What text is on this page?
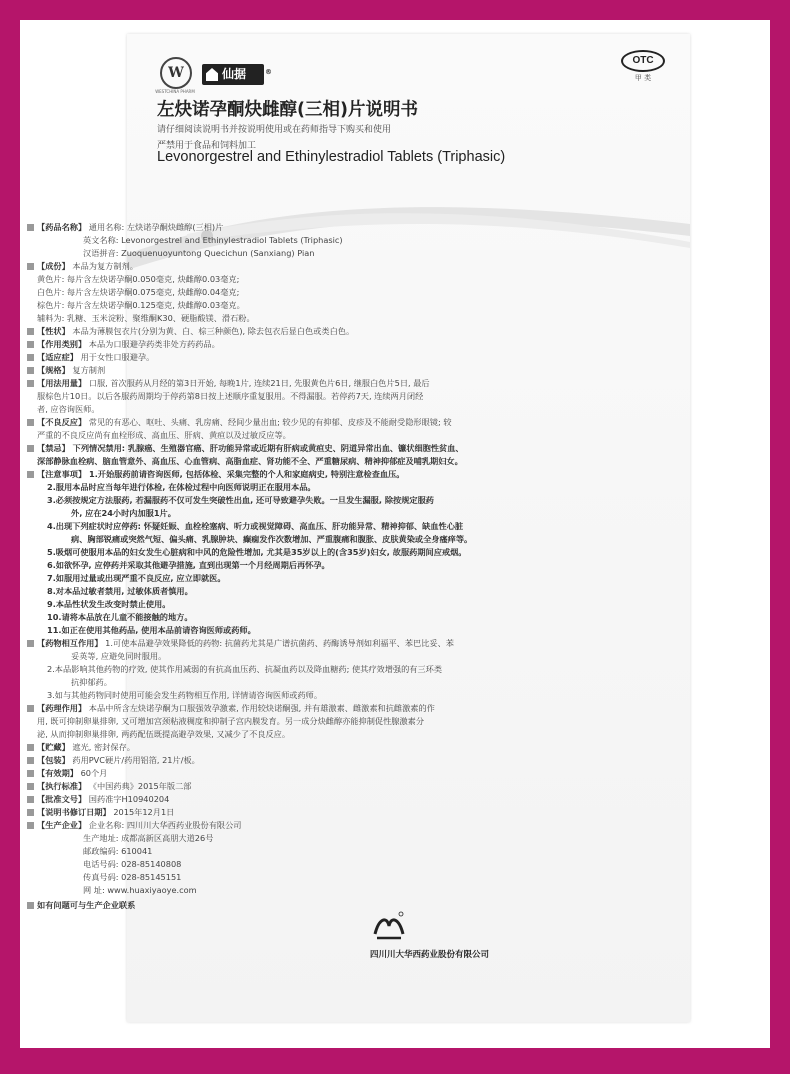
W
WESTCHINA PHARM
仙据	®
OTC
甲 类
左炔诺孕酮炔雌醇(三相)片说明书
请仔细阅读说明书并按说明使用或在药师指导下购买和使用
严禁用于食品和饲料加工
Levonorgestrel and Ethinylestradiol Tablets (Triphasic)
【药品名称】 通用名称: 左炔诺孕酮炔雌醇(三相)片
英文名称: Levonorgestrel and Ethinylestradiol Tablets (Triphasic)
汉语拼音: Zuoquenuoyuntong Quecichun (Sanxiang) Pian
【成份】 本品为复方制剂。
黄色片: 每片含左炔诺孕酮0.050毫克, 炔雌醇0.03毫克;
白色片: 每片含左炔诺孕酮0.075毫克, 炔雌醇0.04毫克;
棕色片: 每片含左炔诺孕酮0.125毫克, 炔雌醇0.03毫克。
辅料为: 乳糖、玉米淀粉、聚维酮K30、硬脂酸镁、滑石粉。
【性状】 本品为薄膜包衣片(分别为黄、白、棕三种颜色), 除去包衣后显白色或类白色。
【作用类别】 本品为口服避孕药类非处方药药品。
【适应症】 用于女性口服避孕。
【规格】 复方制剂
【用法用量】 口服, 首次服药从月经的第3日开始, 每晚1片, 连续21日, 先服黄色片6日, 继服白色片5日, 最后
服棕色片10日。以后各服药周期均于停药第8日按上述顺序重复服用。不得漏服。若停药7天, 连续两月闭经
者, 应咨询医师。
【不良反应】 常见的有恶心、呕吐、头痛、乳房痛、经间少量出血; 较少见的有抑郁、皮疹及不能耐受隐形眼镜; 较
严重的不良反应尚有血栓形成、高血压、肝病、黄疸以及过敏反应等。
【禁忌】 下列情况禁用: 乳腺癌、生殖器官癌、肝功能异常或近期有肝病或黄疸史、阴道异常出血、镰状细胞性贫血、
深部静脉血栓病、脑血管意外、高血压、心血管病、高脂血症、肾功能不全、严重糖尿病、精神抑郁症及哺乳期妇女。
【注意事项】 1.开始服药前请咨询医师, 包括体检、采集完整的个人和家庭病史, 特别注意检查血压。
2.服用本品时应当每年进行体检, 在体检过程中向医师说明正在服用本品。
3.必须按规定方法服药, 若漏服药不仅可发生突破性出血, 还可导致避孕失败。一旦发生漏服, 除按规定服药
外, 应在24小时内加服1片。
4.出现下列症状时应停药: 怀疑妊娠、血栓栓塞病、听力或视觉障碍、高血压、肝功能异常、精神抑郁、缺血性心脏
病、胸部锐痛或突然气短、偏头痛、乳腺肿块、癫痫发作次数增加、严重腹痛和腹胀、皮肤黄染或全身瘙痒等。
5.吸烟可使服用本品的妇女发生心脏病和中风的危险性增加, 尤其是35岁以上的(含35岁)妇女, 故服药期间应戒烟。
6.如欲怀孕, 应停药并采取其他避孕措施, 直到出现第一个月经周期后再怀孕。
7.如服用过量或出现严重不良反应, 应立即就医。
8.对本品过敏者禁用, 过敏体质者慎用。
9.本品性状发生改变时禁止使用。
10.请将本品放在儿童不能接触的地方。
11.如正在使用其他药品, 使用本品前请咨询医师或药师。
【药物相互作用】 1.可使本品避孕效果降低的药物: 抗菌药尤其是广谱抗菌药、药酶诱导剂如利福平、苯巴比妥、苯
妥英等, 应避免同时服用。
2.本品影响其他药物的疗效, 使其作用减弱的有抗高血压药、抗凝血药以及降血糖药; 使其疗效增强的有三环类
抗抑郁药。
3.如与其他药物同时使用可能会发生药物相互作用, 详情请咨询医师或药师。
【药理作用】 本品中所含左炔诺孕酮为口服强效孕激素, 作用较炔诺酮强, 并有雄激素、雌激素和抗雌激素的作
用, 既可抑制卵巢排卵, 又可增加宫颈粘液稠度和抑制子宫内膜发育。另一成分炔雌醇亦能抑制促性腺激素分
泌, 从而抑制卵巢排卵, 两药配伍既提高避孕效果, 又减少了不良反应。
【贮藏】 遮光, 密封保存。
【包装】 药用PVC硬片/药用铝箔, 21片/板。
【有效期】 60个月
【执行标准】 《中国药典》2015年版二部
【批准文号】 国药准字H10940204
【说明书修订日期】 2015年12月1日
【生产企业】 企业名称: 四川川大华西药业股份有限公司
生产地址: 成都高新区高朋大道26号
邮政编码: 610041
电话号码: 028-85140808
传真号码: 028-85145151
网 址: www.huaxiyaoye.com
如有问题可与生产企业联系
四川川大华西药业股份有限公司
